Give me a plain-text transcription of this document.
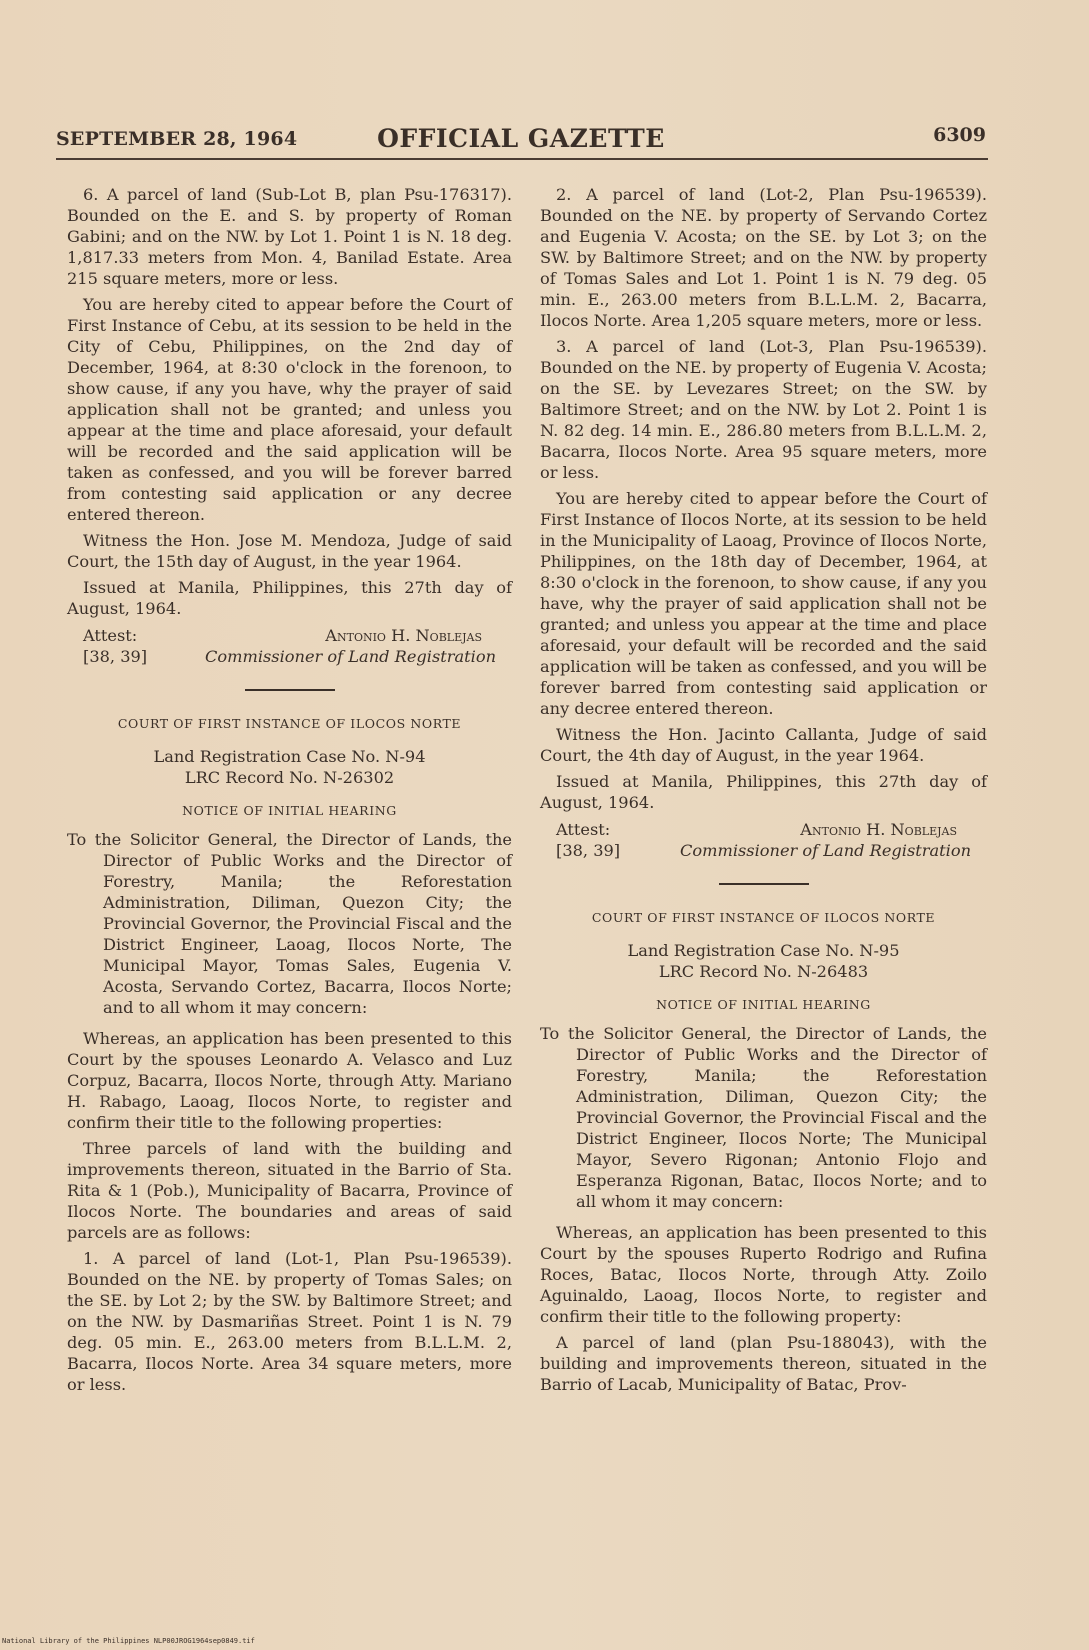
SEPTEMBER 28, 1964	OFFICIAL GAZETTE	6309

6. A parcel of land (Sub-Lot B, plan Psu-176317). Bounded on the E. and S. by property of Roman Gabini; and on the NW. by Lot 1. Point 1 is N. 18 deg. 1,817.33 meters from Mon. 4, Banilad Estate. Area 215 square meters, more or less.

You are hereby cited to appear before the Court of First Instance of Cebu, at its session to be held in the City of Cebu, Philippines, on the 2nd day of December, 1964, at 8:30 o'clock in the forenoon, to show cause, if any you have, why the prayer of said application shall not be granted; and unless you appear at the time and place aforesaid, your default will be recorded and the said application will be taken as confessed, and you will be forever barred from contesting said application or any decree entered thereon.

Witness the Hon. Jose M. Mendoza, Judge of said Court, the 15th day of August, in the year 1964.

Issued at Manila, Philippines, this 27th day of August, 1964.

Attest:	Antonio H. Noblejas
[38, 39]	Commissioner of Land Registration
COURT OF FIRST INSTANCE OF ILOCOS NORTE
Land Registration Case No. N-94
LRC Record No. N-26302
NOTICE OF INITIAL HEARING
To the Solicitor General, the Director of Lands, the Director of Public Works and the Director of Forestry, Manila; the Reforestation Administration, Diliman, Quezon City; the Provincial Governor, the Provincial Fiscal and the District Engineer, Laoag, Ilocos Norte, The Municipal Mayor, Tomas Sales, Eugenia V. Acosta, Servando Cortez, Bacarra, Ilocos Norte; and to all whom it may concern:

Whereas, an application has been presented to this Court by the spouses Leonardo A. Velasco and Luz Corpuz, Bacarra, Ilocos Norte, through Atty. Mariano H. Rabago, Laoag, Ilocos Norte, to register and confirm their title to the following properties:

Three parcels of land with the building and improvements thereon, situated in the Barrio of Sta. Rita & 1 (Pob.), Municipality of Bacarra, Province of Ilocos Norte. The boundaries and areas of said parcels are as follows:

1. A parcel of land (Lot-1, Plan Psu-196539). Bounded on the NE. by property of Tomas Sales; on the SE. by Lot 2; by the SW. by Baltimore Street; and on the NW. by Dasmariñas Street. Point 1 is N. 79 deg. 05 min. E., 263.00 meters from B.L.L.M. 2, Bacarra, Ilocos Norte. Area 34 square meters, more or less.

2. A parcel of land (Lot-2, Plan Psu-196539). Bounded on the NE. by property of Servando Cortez and Eugenia V. Acosta; on the SE. by Lot 3; on the SW. by Baltimore Street; and on the NW. by property of Tomas Sales and Lot 1. Point 1 is N. 79 deg. 05 min. E., 263.00 meters from B.L.L.M. 2, Bacarra, Ilocos Norte. Area 1,205 square meters, more or less.

3. A parcel of land (Lot-3, Plan Psu-196539). Bounded on the NE. by property of Eugenia V. Acosta; on the SE. by Levezares Street; on the SW. by Baltimore Street; and on the NW. by Lot 2. Point 1 is N. 82 deg. 14 min. E., 286.80 meters from B.L.L.M. 2, Bacarra, Ilocos Norte. Area 95 square meters, more or less.

You are hereby cited to appear before the Court of First Instance of Ilocos Norte, at its session to be held in the Municipality of Laoag, Province of Ilocos Norte, Philippines, on the 18th day of December, 1964, at 8:30 o'clock in the forenoon, to show cause, if any you have, why the prayer of said application shall not be granted; and unless you appear at the time and place aforesaid, your default will be recorded and the said application will be taken as confessed, and you will be forever barred from contesting said application or any decree entered thereon.

Witness the Hon. Jacinto Callanta, Judge of said Court, the 4th day of August, in the year 1964.

Issued at Manila, Philippines, this 27th day of August, 1964.

Attest:	Antonio H. Noblejas
[38, 39]	Commissioner of Land Registration
COURT OF FIRST INSTANCE OF ILOCOS NORTE
Land Registration Case No. N-95
LRC Record No. N-26483
NOTICE OF INITIAL HEARING
To the Solicitor General, the Director of Lands, the Director of Public Works and the Director of Forestry, Manila; the Reforestation Administration, Diliman, Quezon City; the Provincial Governor, the Provincial Fiscal and the District Engineer, Ilocos Norte; The Municipal Mayor, Severo Rigonan; Antonio Flojo and Esperanza Rigonan, Batac, Ilocos Norte; and to all whom it may concern:

Whereas, an application has been presented to this Court by the spouses Ruperto Rodrigo and Rufina Roces, Batac, Ilocos Norte, through Atty. Zoilo Aguinaldo, Laoag, Ilocos Norte, to register and confirm their title to the following property:

A parcel of land (plan Psu-188043), with the building and improvements thereon, situated in the Barrio of Lacab, Municipality of Batac, Prov-

National Library of the Philippines NLP00JROG1964sep0849.tif
